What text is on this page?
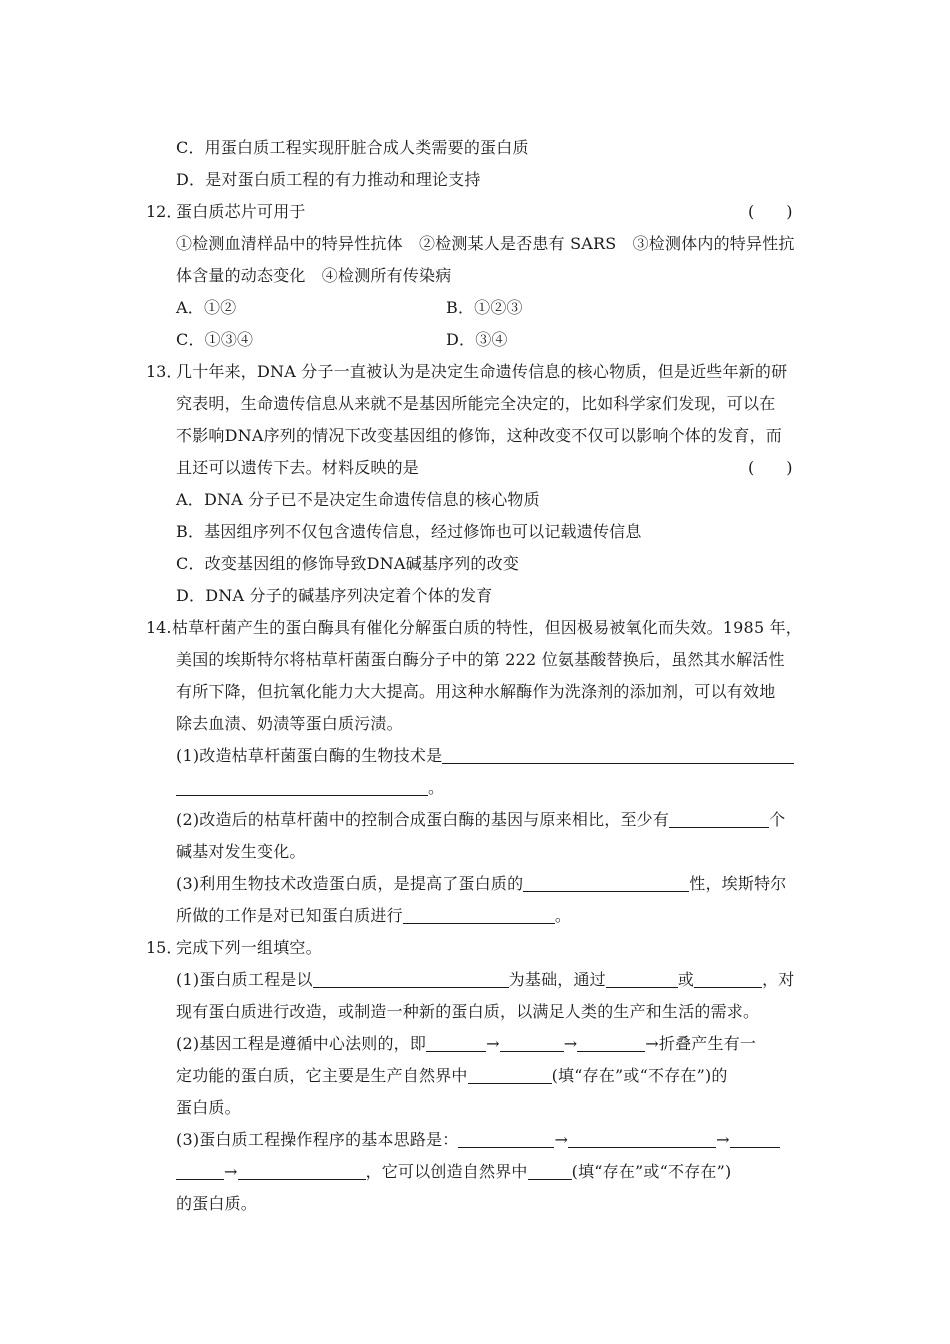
C．用蛋白质工程实现肝脏合成人类需要的蛋白质
D．是对蛋白质工程的有力推动和理论支持
12．
蛋白质芯片可用于	(　　)
①检测血清样品中的特异性抗体　②检测某人是否患有 SARS　③检测体内的特异性抗
体含量的动态变化　④检测所有传染病
A．①②	B．①②③
C．①③④	D．③④
13．
几十年来，DNA 分子一直被认为是决定生命遗传信息的核心物质，但是近些年新的研
究表明，生命遗传信息从来就不是基因所能完全决定的，比如科学家们发现，可以在
不影响DNA序列的情况下改变基因组的修饰，这种改变不仅可以影响个体的发育，而
且还可以遗传下去。材料反映的是	(　　)
A．DNA 分子已不是决定生命遗传信息的核心物质
B．基因组序列不仅包含遗传信息，经过修饰也可以记载遗传信息
C．改变基因组的修饰导致DNA碱基序列的改变
D．DNA 分子的碱基序列决定着个体的发育
14. 枯草杆菌产生的蛋白酶具有催化分解蛋白质的特性，但因极易被氧化而失效。1985 年，
美国的埃斯特尔将枯草杆菌蛋白酶分子中的第 222 位氨基酸替换后，虽然其水解活性
有所下降，但抗氧化能力大大提高。用这种水解酶作为洗涤剂的添加剂，可以有效地
除去血渍、奶渍等蛋白质污渍。
(1)改造枯草杆菌蛋白酶的生物技术是
。
(2)改造后的枯草杆菌中的控制合成蛋白酶的基因与原来相比，至少有	个
碱基对发生变化。
(3)利用生物技术改造蛋白质，是提高了蛋白质的	性，埃斯特尔
所做的工作是对已知蛋白质进行	。
15．
完成下列一组填空。
(1)蛋白质工程是以	为基础，通过	或	，对
现有蛋白质进行改造，或制造一种新的蛋白质，以满足人类的生产和生活的需求。
(2)基因工程是遵循中心法则的，即	→	→	→折叠产生有一
定功能的蛋白质，它主要是生产自然界中	(填“存在”或“不存在”)的
蛋白质。
(3)蛋白质工程操作程序的基本思路是：	→	→
→	，它可以创造自然界中	(填“存在”或“不存在”)
的蛋白质。
